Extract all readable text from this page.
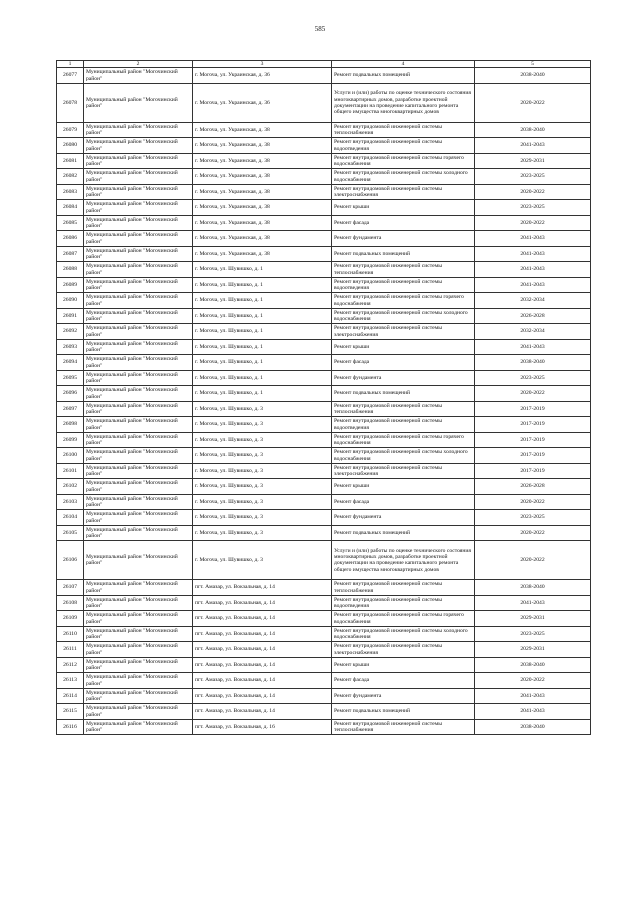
585
1	2	3	4	5
26077	Муниципальный район "Могочинский район"	г. Могоча, ул. Украинская, д. 36	Ремонт подвальных помещений	2038-2040
26078	Муниципальный район "Могочинский район"	г. Могоча, ул. Украинская, д. 36	Услуги и (или) работы по оценке технического состояния многоквартирных домов, разработке проектной документации на проведение капитального ремонта общего имущества многоквартирных домов	2020-2022
26079	Муниципальный район "Могочинский район"	г. Могоча, ул. Украинская, д. 38	Ремонт внутридомовой инженерной системы теплоснабжения	2038-2040
26080	Муниципальный район "Могочинский район"	г. Могоча, ул. Украинская, д. 38	Ремонт внутридомовой инженерной системы водоотведения	2041-2043
26081	Муниципальный район "Могочинский район"	г. Могоча, ул. Украинская, д. 38	Ремонт внутридомовой инженерной системы горячего водоснабжения	2029-2031
26082	Муниципальный район "Могочинский район"	г. Могоча, ул. Украинская, д. 38	Ремонт внутридомовой инженерной системы холодного водоснабжения	2023-2025
26083	Муниципальный район "Могочинский район"	г. Могоча, ул. Украинская, д. 38	Ремонт внутридомовой инженерной системы электроснабжения	2020-2022
26084	Муниципальный район "Могочинский район"	г. Могоча, ул. Украинская, д. 38	Ремонт крыши	2023-2025
26085	Муниципальный район "Могочинский район"	г. Могоча, ул. Украинская, д. 38	Ремонт фасада	2020-2022
26086	Муниципальный район "Могочинский район"	г. Могоча, ул. Украинская, д. 38	Ремонт фундамента	2041-2043
26087	Муниципальный район "Могочинский район"	г. Могоча, ул. Украинская, д. 38	Ремонт подвальных помещений	2041-2043
26088	Муниципальный район "Могочинский район"	г. Могоча, ул. Шувишко, д. 1	Ремонт внутридомовой инженерной системы теплоснабжения	2041-2043
26089	Муниципальный район "Могочинский район"	г. Могоча, ул. Шувишко, д. 1	Ремонт внутридомовой инженерной системы водоотведения	2041-2043
26090	Муниципальный район "Могочинский район"	г. Могоча, ул. Шувишко, д. 1	Ремонт внутридомовой инженерной системы горячего водоснабжения	2032-2034
26091	Муниципальный район "Могочинский район"	г. Могоча, ул. Шувишко, д. 1	Ремонт внутридомовой инженерной системы холодного водоснабжения	2026-2028
26092	Муниципальный район "Могочинский район"	г. Могоча, ул. Шувишко, д. 1	Ремонт внутридомовой инженерной системы электроснабжения	2032-2034
26093	Муниципальный район "Могочинский район"	г. Могоча, ул. Шувишко, д. 1	Ремонт крыши	2041-2043
26094	Муниципальный район "Могочинский район"	г. Могоча, ул. Шувишко, д. 1	Ремонт фасада	2038-2040
26095	Муниципальный район "Могочинский район"	г. Могоча, ул. Шувишко, д. 1	Ремонт фундамента	2023-2025
26096	Муниципальный район "Могочинский район"	г. Могоча, ул. Шувишко, д. 1	Ремонт подвальных помещений	2020-2022
26097	Муниципальный район "Могочинский район"	г. Могоча, ул. Шувишко, д. 3	Ремонт внутридомовой инженерной системы теплоснабжения	2017-2019
26098	Муниципальный район "Могочинский район"	г. Могоча, ул. Шувишко, д. 3	Ремонт внутридомовой инженерной системы водоотведения	2017-2019
26099	Муниципальный район "Могочинский район"	г. Могоча, ул. Шувишко, д. 3	Ремонт внутридомовой инженерной системы горячего водоснабжения	2017-2019
26100	Муниципальный район "Могочинский район"	г. Могоча, ул. Шувишко, д. 3	Ремонт внутридомовой инженерной системы холодного водоснабжения	2017-2019
26101	Муниципальный район "Могочинский район"	г. Могоча, ул. Шувишко, д. 3	Ремонт внутридомовой инженерной системы электроснабжения	2017-2019
26102	Муниципальный район "Могочинский район"	г. Могоча, ул. Шувишко, д. 3	Ремонт крыши	2026-2028
26103	Муниципальный район "Могочинский район"	г. Могоча, ул. Шувишко, д. 3	Ремонт фасада	2020-2022
26104	Муниципальный район "Могочинский район"	г. Могоча, ул. Шувишко, д. 3	Ремонт фундамента	2023-2025
26105	Муниципальный район "Могочинский район"	г. Могоча, ул. Шувишко, д. 3	Ремонт подвальных помещений	2020-2022
26106	Муниципальный район "Могочинский район"	г. Могоча, ул. Шувишко, д. 3	Услуги и (или) работы по оценке технического состояния многоквартирных домов, разработке проектной документации на проведение капитального ремонта общего имущества многоквартирных домов	2020-2022
26107	Муниципальный район "Могочинский район"	пгт. Амазар, ул. Вокзальная, д. 14	Ремонт внутридомовой инженерной системы теплоснабжения	2038-2040
26108	Муниципальный район "Могочинский район"	пгт. Амазар, ул. Вокзальная, д. 14	Ремонт внутридомовой инженерной системы водоотведения	2041-2043
26109	Муниципальный район "Могочинский район"	пгт. Амазар, ул. Вокзальная, д. 14	Ремонт внутридомовой инженерной системы горячего водоснабжения	2029-2031
26110	Муниципальный район "Могочинский район"	пгт. Амазар, ул. Вокзальная, д. 14	Ремонт внутридомовой инженерной системы холодного водоснабжения	2023-2025
26111	Муниципальный район "Могочинский район"	пгт. Амазар, ул. Вокзальная, д. 14	Ремонт внутридомовой инженерной системы электроснабжения	2029-2031
26112	Муниципальный район "Могочинский район"	пгт. Амазар, ул. Вокзальная, д. 14	Ремонт крыши	2038-2040
26113	Муниципальный район "Могочинский район"	пгт. Амазар, ул. Вокзальная, д. 14	Ремонт фасада	2020-2022
26114	Муниципальный район "Могочинский район"	пгт. Амазар, ул. Вокзальная, д. 14	Ремонт фундамента	2041-2043
26115	Муниципальный район "Могочинский район"	пгт. Амазар, ул. Вокзальная, д. 14	Ремонт подвальных помещений	2041-2043
26116	Муниципальный район "Могочинский район"	пгт. Амазар, ул. Вокзальная, д. 16	Ремонт внутридомовой инженерной системы теплоснабжения	2038-2040
